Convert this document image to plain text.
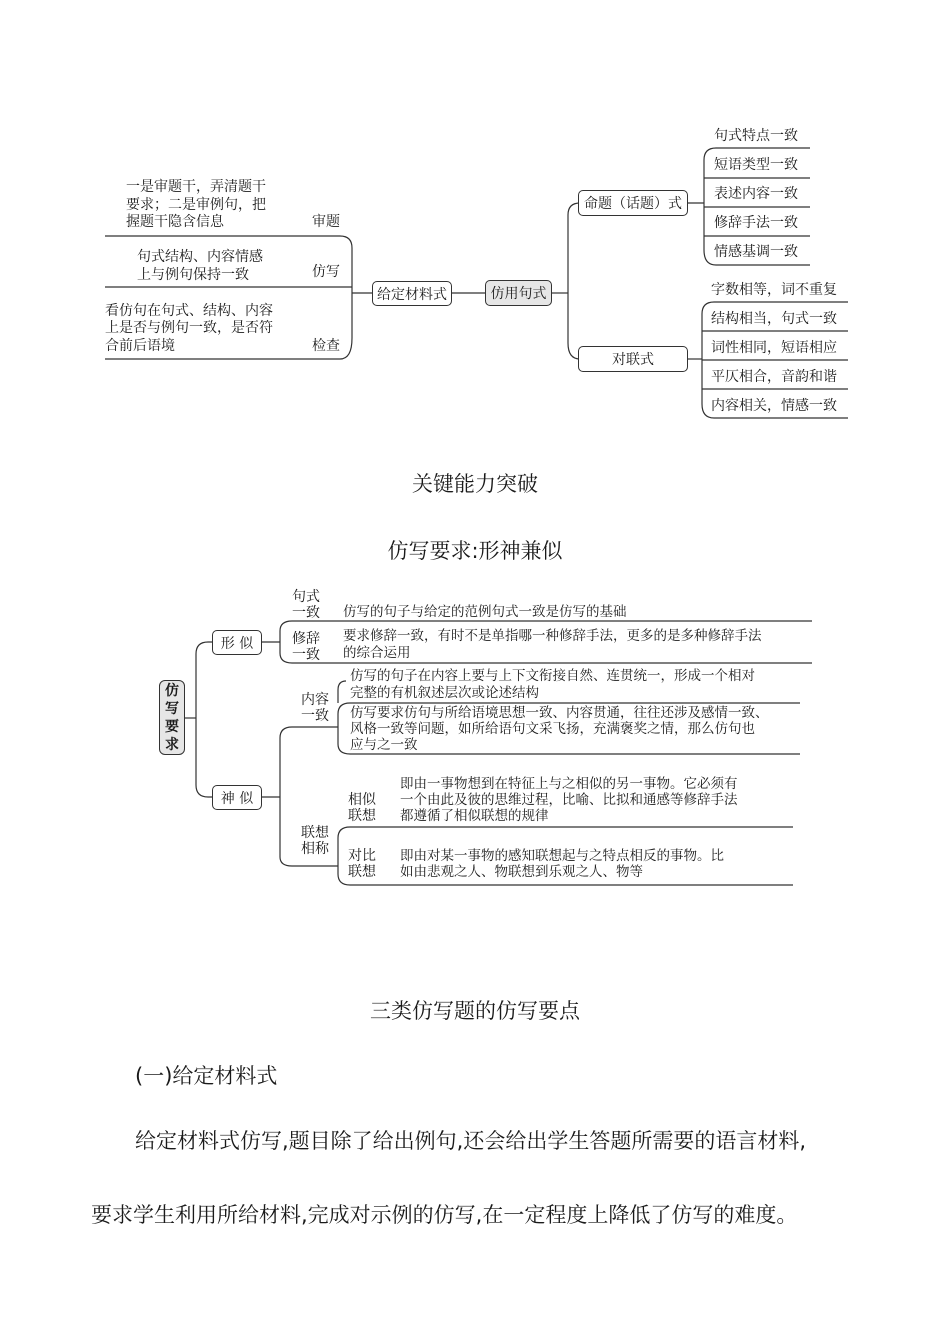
一是审题干，弄清题干
要求；二是审例句，把
握题干隐含信息	审题
句式结构、内容情感
上与例句保持一致	仿写
看仿句在句式、结构、内容
上是否与例句一致，是否符
合前后语境	检查
给定材料式	仿用句式
命题（话题）式
对联式
句式特点一致
短语类型一致
表述内容一致
修辞手法一致
情感基调一致
字数相等，词不重复
结构相当，句式一致
词性相同，短语相应
平仄相合，音韵和谐
内容相关，情感一致
关键能力突破
仿写要求:形神兼似
仿
写
要
求
形 似
神 似
句式
一致 仿写的句子与给定的范例句式一致是仿写的基础
修辞
一致
要求修辞一致，有时不是单指哪一种修辞手法，更多的是多种修辞手法
的综合运用
内容
一致
仿写的句子在内容上要与上下文衔接自然、连贯统一，形成一个相对
完整的有机叙述层次或论述结构
仿写要求仿句与所给语境思想一致、内容贯通，往往还涉及感情一致、
风格一致等问题，如所给语句文采飞扬，充满褒奖之情，那么仿句也
应与之一致
联想
相称
相似
联想
即由一事物想到在特征上与之相似的另一事物。它必须有
一个由此及彼的思维过程，比喻、比拟和通感等修辞手法
都遵循了相似联想的规律
对比
联想
即由对某一事物的感知联想起与之特点相反的事物。比
如由悲观之人、物联想到乐观之人、物等
三类仿写题的仿写要点
(一)给定材料式
给定材料式仿写,题目除了给出例句,还会给出学生答题所需要的语言材料,
要求学生利用所给材料,完成对示例的仿写,在一定程度上降低了仿写的难度。
